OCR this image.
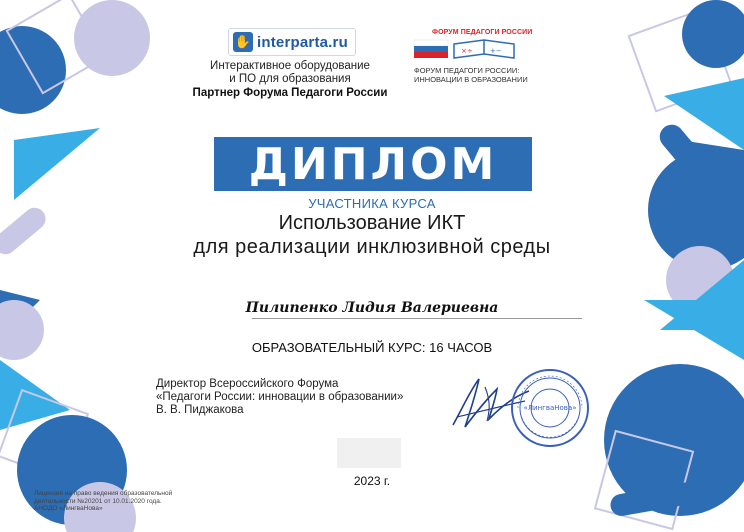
✋ interparta.ru
Интерактивное оборудование
и ПО для образования
Партнер Форума Педагоги России
ФОРУМ ПЕДАГОГИ РОССИИ
×÷ +−
ФОРУМ ПЕДАГОГИ РОССИИ:
ИННОВАЦИИ В ОБРАЗОВАНИИ
ДИПЛОМ
УЧАСТНИКА КУРСА
Использование ИКТ
для реализации инклюзивной среды
Пилипенко Лидия Валериевна
ОБРАЗОВАТЕЛЬНЫЙ КУРС: 16 ЧАСОВ
Директор Всероссийского Форума
«Педагоги России: инновации в образовании»
В. В. Пиджакова	«ЛингваНова»
2023 г.
Лицензия на право ведения образовательной
деятельности №20201 от 10.01.2020 года.
АНОДО «ЛингваНова»
